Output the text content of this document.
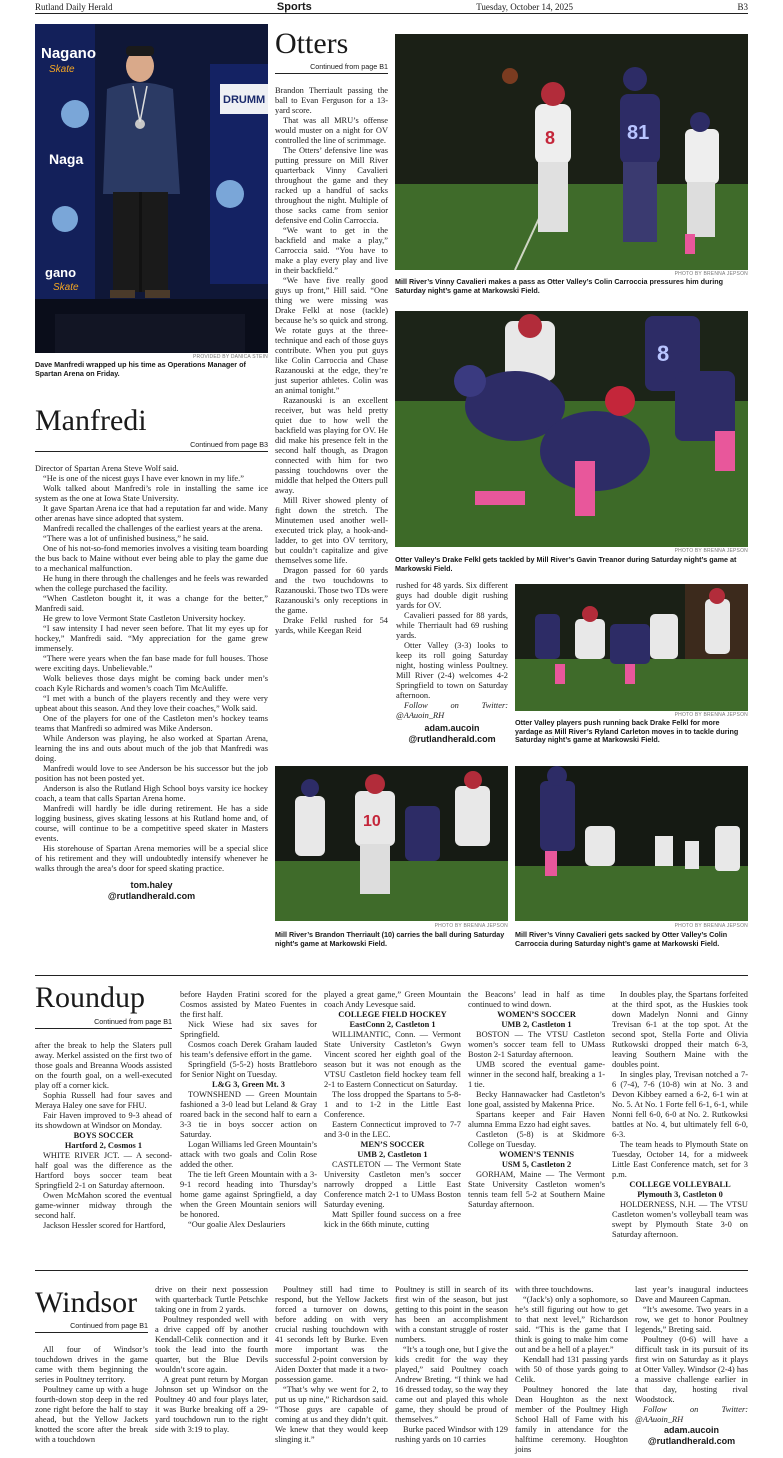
Rutland Daily Herald	Sports	Tuesday, October 14, 2025	B3
DRUMM
Nagano
Skate
Naga
gano
Skate
PROVIDED BY DANICA STEIN
Dave Manfredi wrapped up his time as Operations Manager of Spartan Arena on Friday.
Manfredi
Continued from page B3

Director of Spartan Arena Steve Wolf said.

“He is one of the nicest guys I have ever known in my life.”

Wolk talked about Manfredi’s role in installing the same ice system as the one at Iowa State University.

It gave Spartan Arena ice that had a reputation far and wide. Many other arenas have since adopted that system.

Manfredi recalled the challenges of the earliest years at the arena.

“There was a lot of unfinished business,” he said.

One of his not-so-fond memories involves a visiting team boarding the bus back to Maine without ever being able to play the game due to a mechanical malfunction.

He hung in there through the challenges and he feels was rewarded when the college purchased the facility.

“When Castleton bought it, it was a change for the better,” Manfredi said.

He grew to love Vermont State Castleton University hockey.

“I saw intensity I had never seen before. That lit my eyes up for hockey,” Manfredi said. “My appreciation for the game grew immensely.

“There were years when the fan base made for full houses. Those were exciting days. Unbelievable.”

Wolk believes those days might be coming back under men’s coach Kyle Richards and women’s coach Tim McAuliffe.

“I met with a bunch of the players recently and they were very upbeat about this season. And they love their coaches,” Wolk said.

One of the players for one of the Castleton men’s hockey teams teams that Manfredi so admired was Mike Anderson.

While Anderson was playing, he also worked at Spartan Arena, learning the ins and outs about much of the job that Manfredi was doing.

Manfredi would love to see Anderson be his successor but the job position has not been posted yet.

Anderson is also the Rutland High School boys varsity ice hockey coach, a team that calls Spartan Arena home.

Manfredi will hardly be idle during retirement. He has a side logging business, gives skating lessons at his Rutland home and, of course, will continue to be a competitive speed skater in Masters events.

His storehouse of Spartan Arena memories will be a special slice of his retirement and they will undoubtedly intensify whenever he walks through the area’s door for speed skating practice.

tom.haley
@rutlandherald.com
Otters
Continued from page B1

Brandon Therriault passing the ball to Evan Ferguson for a 13-yard score.

That was all MRU’s offense would muster on a night for OV controlled the line of scrimmage.

The Otters’ defensive line was putting pressure on Mill River quarterback Vinny Cavalieri throughout the game and they racked up a handful of sacks throughout the night. Multiple of those sacks came from senior defensive end Colin Carroccia.

“We want to get in the backfield and make a play,” Carroccia said. “You have to make a play every play and live in their backfield.”

“We have five really good guys up front,” Hill said. “One thing we were missing was Drake Felkl at nose (tackle) because he’s so quick and strong. We rotate guys at the three-technique and each of those guys contribute. When you put guys like Colin Carroccia and Chase Razanouski at the edge, they’re just superior athletes. Colin was an animal tonight.”

Razanouski is an excellent receiver, but was held pretty quiet due to how well the backfield was playing for OV. He did make his presence felt in the second half though, as Dragon connected with him for two passing touchdowns over the middle that helped the Otters pull away.

Mill River showed plenty of fight down the stretch. The Minutemen used another well-executed trick play, a hook-and-ladder, to get into OV territory, but couldn’t capitalize and give themselves some life.

Dragon passed for 60 yards and the two touchdowns to Razanouski. Those two TDs were Razanouski’s only receptions in the game.

Drake Felkl rushed for 54 yards, while Keegan Reid

rushed for 48 yards. Six different guys had double digit rushing yards for OV.

Cavalieri passed for 88 yards, while Therriault had 69 rushing yards.

Otter Valley (3-3) looks to keep its roll going Saturday night, hosting winless Poultney. Mill River (2-4) welcomes 4-2 Springfield to town on Saturday afternoon.

Follow on Twitter: @AAuoin_RH

adam.aucoin
@rutlandherald.com
8	81
PHOTO BY BRENNA JEPSON
Mill River’s Vinny Cavalieri makes a pass as Otter Valley’s Colin Carroccia pressures him during Saturday night’s game at Markowski Field.
8
PHOTO BY BRENNA JEPSON
Otter Valley’s Drake Felkl gets tackled by Mill River’s Gavin Treanor during Saturday night’s game at Markowski Field.
PHOTO BY BRENNA JEPSON
Otter Valley players push running back Drake Felkl for more yardage as Mill River’s Ryland Carleton moves in to tackle during Saturday night’s game at Markowski Field.
10
PHOTO BY BRENNA JEPSON
Mill River’s Brandon Therriault (10) carries the ball during Saturday night’s game at Markowski Field.
PHOTO BY BRENNA JEPSON
Mill River’s Vinny Cavalieri gets sacked by Otter Valley’s Colin Carroccia during Saturday night’s game at Markowski Field.
Roundup
Continued from page B1

after the break to help the Slaters pull away. Merkel assisted on the first two of those goals and Breanna Woods assisted on the fourth goal, on a well-executed play off a corner kick.

Sophia Russell had four saves and Meraya Haley one save for FHU.

Fair Haven improved to 9-3 ahead of its showdown at Windsor on Monday.

BOYS SOCCER

Hartford 2, Cosmos 1

WHITE RIVER JCT. — A second-half goal was the difference as the Hartford boys soccer team beat Springfield 2-1 on Saturday afternoon.

Owen McMahon scored the eventual game-winner midway through the second half.

Jackson Hessler scored for Hartford,

before Hayden Fratini scored for the Cosmos assisted by Mateo Fuentes in the first half.

Nick Wiese had six saves for Springfield.

Cosmos coach Derek Graham lauded his team’s defensive effort in the game.

Springfield (5-5-2) hosts Brattleboro for Senior Night on Tuesday.

L&G 3, Green Mt. 3

TOWNSHEND — Green Mountain fashioned a 3-0 lead but Leland & Gray roared back in the second half to earn a 3-3 tie in boys soccer action on Saturday.

Logan Williams led Green Mountain’s attack with two goals and Colin Rose added the other.

The tie left Green Mountain with a 3-9-1 record heading into Thursday’s home game against Springfield, a day when the Green Mountain seniors will be honored.

“Our goalie Alex Deslauriers

played a great game,” Green Mountain coach Andy Levesque said.

COLLEGE FIELD HOCKEY

EastConn 2, Castleton 1

WILLIMANTIC, Conn. — Vermont State University Castleton’s Gwyn Vincent scored her eighth goal of the season but it was not enough as the VTSU Castleton field hockey team fell 2-1 to Eastern Connecticut on Saturday.

The loss dropped the Spartans to 5-8-1 and to 1-2 in the Little East Conference.

Eastern Connecticut improved to 7-7 and 3-0 in the LEC.

MEN’S SOCCER

UMB 2, Castleton 1

CASTLETON — The Vermont State University Castleton men’s soccer narrowly dropped a Little East Conference match 2-1 to UMass Boston Saturday evening.

Matt Spiller found success on a free kick in the 66th minute, cutting

the Beacons’ lead in half as time continued to wind down.

WOMEN’S SOCCER

UMB 2, Castleton 1

BOSTON — The VTSU Castleton women’s soccer team fell to UMass Boston 2-1 Saturday afternoon.

UMB scored the eventual game-winner in the second half, breaking a 1-1 tie.

Becky Hannawacker had Castleton’s lone goal, assisted by Makenna Price.

Spartans keeper and Fair Haven alumna Emma Ezzo had eight saves.

Castleton (5-8) is at Skidmore College on Tuesday.

WOMEN’S TENNIS

USM 5, Castleton 2

GORHAM, Maine — The Vermont State University Castleton women’s tennis team fell 5-2 at Southern Maine Saturday afternoon.

In doubles play, the Spartans forfeited at the third spot, as the Huskies took down Madelyn Nonni and Ginny Trevisan 6-1 at the top spot. At the second spot, Stella Forte and Olivia Rutkowski dropped their match 6-3, leaving Southern Maine with the doubles point.

In singles play, Trevisan notched a 7-6 (7-4), 7-6 (10-8) win at No. 3 and Devon Kibbey earned a 6-2, 6-1 win at No. 5. At No. 1 Forte fell 6-1, 6-1, while Nonni fell 6-0, 6-0 at No. 2. Rutkowksi battles at No. 4, but ultimately fell 6-0, 6-3.

The team heads to Plymouth State on Tuesday, October 14, for a midweek Little East Conference match, set for 3 p.m.

COLLEGE VOLLEYBALL

Plymouth 3, Castleton 0

HOLDERNESS, N.H. — The VTSU Castleton women’s volleyball team was swept by Plymouth State 3-0 on Saturday afternoon.

Windsor
Continued from page B1

All four of Windsor’s touchdown drives in the game came with them beginning the series in Poultney territory.

Poultney came up with a huge fourth-down stop deep in the red zone right before the half to stay ahead, but the Yellow Jackets knotted the score after the break with a touchdown

drive on their next possession with quarterback Turtle Petschke taking one in from 2 yards.

Poultney responded well with a drive capped off by another Kendall-Celik connection and it took the lead into the fourth quarter, but the Blue Devils wouldn’t score again.

A great punt return by Morgan Johnson set up Windsor on the Poultney 40 and four plays later, it was Burke breaking off a 29-yard touchdown run to the right side with 3:19 to play.

Poultney still had time to respond, but the Yellow Jackets forced a turnover on downs, before adding on with very crucial rushing touchdown with 41 seconds left by Burke. Even more important was the successful 2-point conversion by Aiden Doxter that made it a two-possession game.

“That’s why we went for 2, to put us up nine,” Richardson said. “Those guys are capable of coming at us and they didn’t quit. We knew that they would keep slinging it.”

Poultney is still in search of its first win of the season, but just getting to this point in the season has been an accomplishment with a constant struggle of roster numbers.

“It’s a tough one, but I give the kids credit for the way they played,” said Poultney coach Andrew Breting. “I think we had 16 dressed today, so the way they came out and played this whole game, they should be proud of themselves.”

Burke paced Windsor with 129 rushing yards on 10 carries

with three touchdowns.

“(Jack’s) only a sophomore, so he’s still figuring out how to get to that next level,” Richardson said. “This is the game that I think is going to make him come out and be a hell of a player.”

Kendall had 131 passing yards with 50 of those yards going to Celik.

Poultney honored the late Dean Houghton as the next member of the Poultney High School Hall of Fame with his family in attendance for the halftime ceremony. Houghton joins

last year’s inaugural inductees Dave and Maureen Capman.

“It’s awesome. Two years in a row, we get to honor Poultney legends,” Breting said.

Poultney (0-6) will have a difficult task in its pursuit of its first win on Saturday as it plays at Otter Valley. Windsor (2-4) has a massive challenge earlier in that day, hosting rival Woodstock.

Follow on Twitter: @AAuoin_RH

adam.aucoin
@rutlandherald.com
